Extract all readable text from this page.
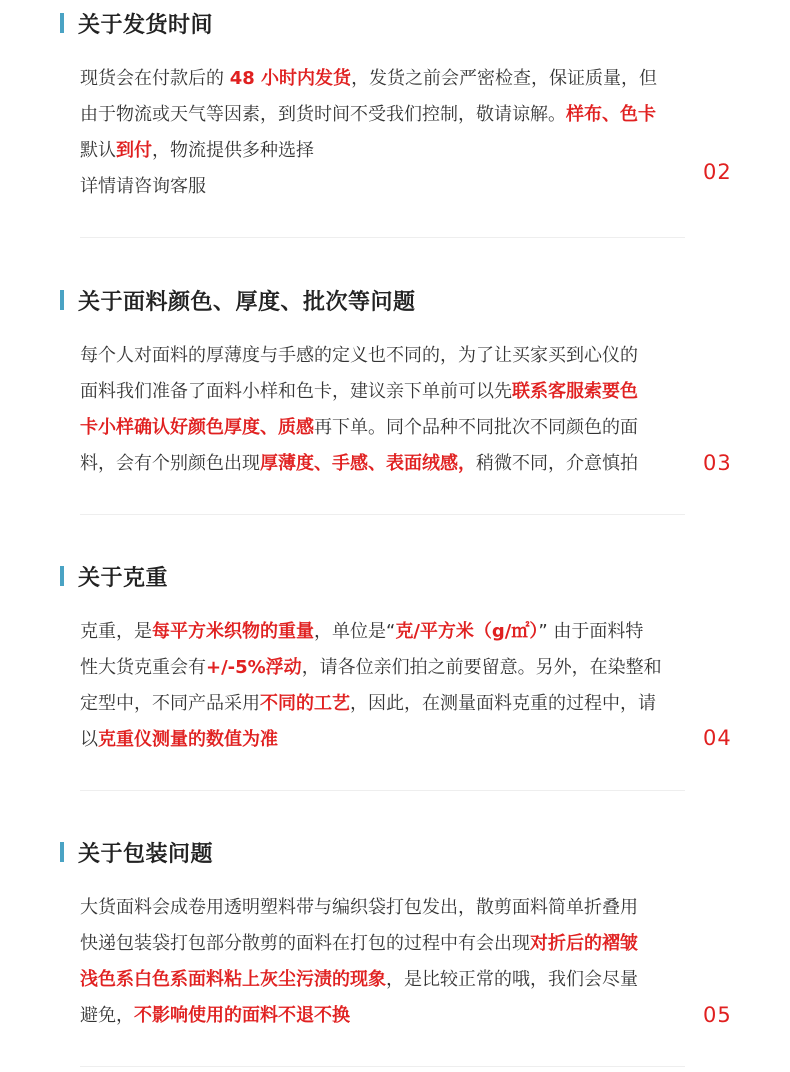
关于发货时间
现货会在付款后的 48 小时内发货，发货之前会严密检查，保证质量，但
由于物流或天气等因素，到货时间不受我们控制，敬请谅解。样布、色卡
默认到付，物流提供多种选择
详情请咨询客服
02
关于面料颜色、厚度、批次等问题
每个人对面料的厚薄度与手感的定义也不同的，为了让买家买到心仪的
面料我们准备了面料小样和色卡，建议亲下单前可以先联系客服索要色
卡小样确认好颜色厚度、质感再下单。同个品种不同批次不同颜色的面
料，会有个别颜色出现厚薄度、手感、表面绒感，稍微不同，介意慎拍	03
关于克重
克重，是每平方米织物的重量，单位是“克/平方米（g/㎡）” 由于面料特
性大货克重会有+/-5%浮动，请各位亲们拍之前要留意。另外，在染整和
定型中，不同产品采用不同的工艺，因此，在测量面料克重的过程中，请
以克重仪测量的数值为准	04
关于包装问题
大货面料会成卷用透明塑料带与编织袋打包发出，散剪面料简单折叠用
快递包装袋打包部分散剪的面料在打包的过程中有会出现对折后的褶皱
浅色系白色系面料粘上灰尘污渍的现象，是比较正常的哦，我们会尽量
避免，不影响使用的面料不退不换	05
